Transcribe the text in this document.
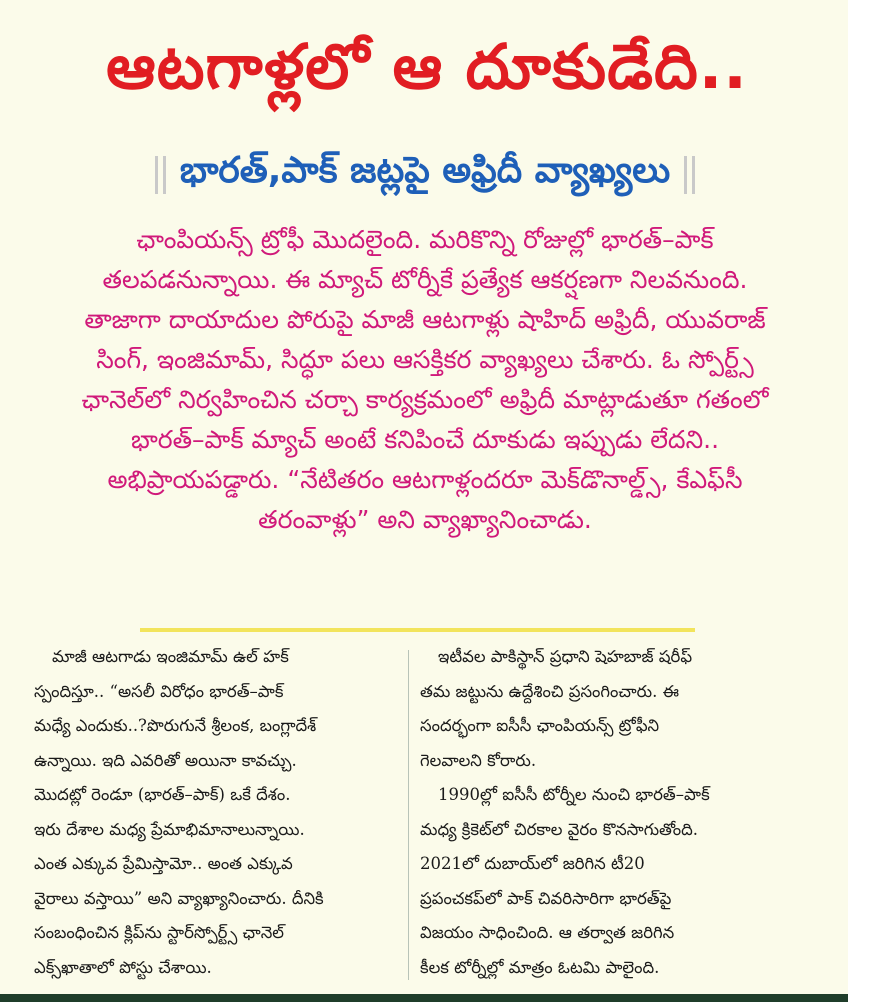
ఆటగాళ్లలో ఆ దూకుడేది..
భారత్,పాక్ జట్లపై అఫ్రిదీ వ్యాఖ్యలు
ఛాంపియన్స్ ట్రోఫీ మొదలైంది. మరికొన్ని రోజుల్లో భారత్–పాక్
తలపడనున్నాయి. ఈ మ్యాచ్ టోర్నీకే ప్రత్యేక ఆకర్షణగా నిలవనుంది.
తాజాగా దాయాదుల పోరుపై మాజీ ఆటగాళ్లు షాహిద్ అఫ్రిదీ, యువరాజ్
సింగ్, ఇంజిమామ్, సిద్ధూ పలు ఆసక్తికర వ్యాఖ్యలు చేశారు. ఓ స్పోర్ట్స్
ఛానెల్‌లో నిర్వహించిన చర్చా కార్యక్రమంలో అఫ్రిదీ మాట్లాడుతూ గతంలో
భారత్–పాక్ మ్యాచ్ అంటే కనిపించే దూకుడు ఇప్పుడు లేదని..
అభిప్రాయపడ్డారు. “నేటితరం ఆటగాళ్లందరూ మెక్‌డొనాల్డ్స్, కేఎఫ్‌సీ
తరంవాళ్లు” అని వ్యాఖ్యానించాడు.
మాజీ ఆటగాడు ఇంజిమామ్ ఉల్ హక్
స్పందిస్తూ.. “అసలీ విరోధం భారత్–పాక్
మధ్యే ఎందుకు..?పొరుగునే శ్రీలంక, బంగ్లాదేశ్
ఉన్నాయి. ఇది ఎవరితో అయినా కావచ్చు.
మొదట్లో రెండూ (భారత్–పాక్) ఒకే దేశం.
ఇరు దేశాల మధ్య ప్రేమాభిమానాలున్నాయి.
ఎంత ఎక్కువ ప్రేమిస్తామో.. అంత ఎక్కువ
వైరాలు వస్తాయి” అని వ్యాఖ్యానించారు. దీనికి
సంబంధించిన క్లిప్‌ను స్టార్‌స్పోర్ట్స్ ఛానెల్
ఎక్స్‌ఖాతాలో పోస్టు చేశాయి.
ఇటీవల పాకిస్థాన్ ప్రధాని షెహబాజ్ షరీఫ్
తమ జట్టును ఉద్దేశించి ప్రసంగించారు. ఈ
సందర్భంగా ఐసీసీ ఛాంపియన్స్ ట్రోఫీని
గెలవాలని కోరారు.
1990ల్లో ఐసీసీ టోర్నీల నుంచి భారత్–పాక్
మధ్య క్రికెట్‌లో చిరకాల వైరం కొనసాగుతోంది.
2021లో దుబాయ్‌లో జరిగిన టీ20
ప్రపంచకప్‌లో పాక్ చివరిసారిగా భారత్‌పై
విజయం సాధించింది. ఆ తర్వాత జరిగిన
కీలక టోర్నీల్లో మాత్రం ఓటమి పాలైంది.
